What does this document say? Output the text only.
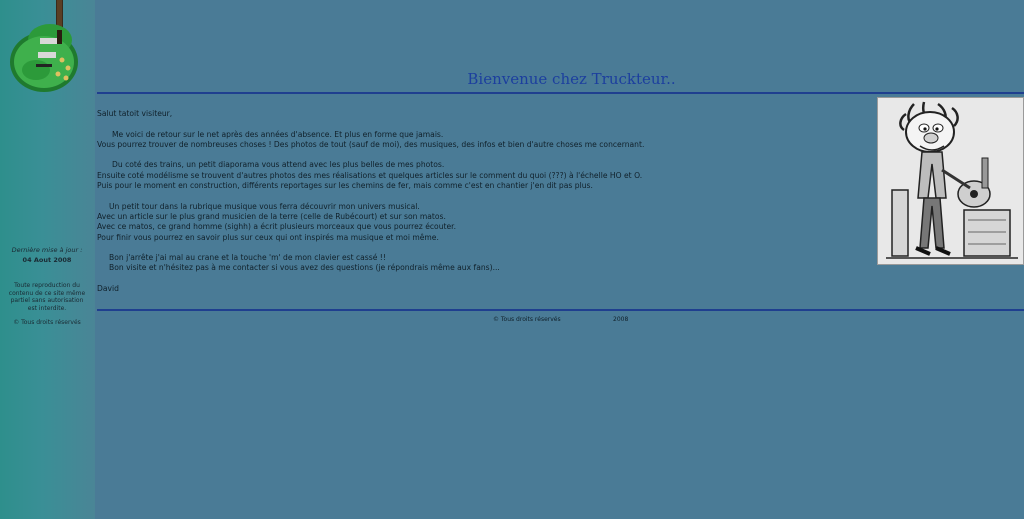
Dernière mise à jour :
04 Aout 2008
Toute reproduction du
contenu de ce site même
partiel sans autorisation
est interdite.
© Tous droits réservés
Bienvenue chez Truckteur..

Salut tatoit visiteur,

Me voici de retour sur le net après des années d'absence. Et plus en forme que jamais.
Vous pourrez trouver de nombreuses choses ! Des photos de tout (sauf de moi), des musiques, des infos et bien d'autre choses me concernant.

Du coté des trains, un petit diaporama vous attend avec les plus belles de mes photos.
Ensuite coté modélisme se trouvent d'autres photos des mes réalisations et quelques articles sur le comment du quoi (???) à l'échelle HO et O.
Puis pour le moment en construction, différents reportages sur les chemins de fer, mais comme c'est en chantier j'en dit pas plus.

Un petit tour dans la rubrique musique vous ferra découvrir mon univers musical.
Avec un article sur le plus grand musicien de la terre (celle de Rubécourt) et sur son matos.
Avec ce matos, ce grand homme (sighh) a écrit plusieurs morceaux que vous pourrez écouter.
Pour finir vous pourrez en savoir plus sur ceux qui ont inspirés ma musique et moi même.

Bon j'arrête j'ai mal au crane et la touche 'm' de mon clavier est cassé !!
Bon visite et n'hésitez pas à me contacter si vous avez des questions (je répondrais même aux fans)...

David

© Tous droits réservés	2008
